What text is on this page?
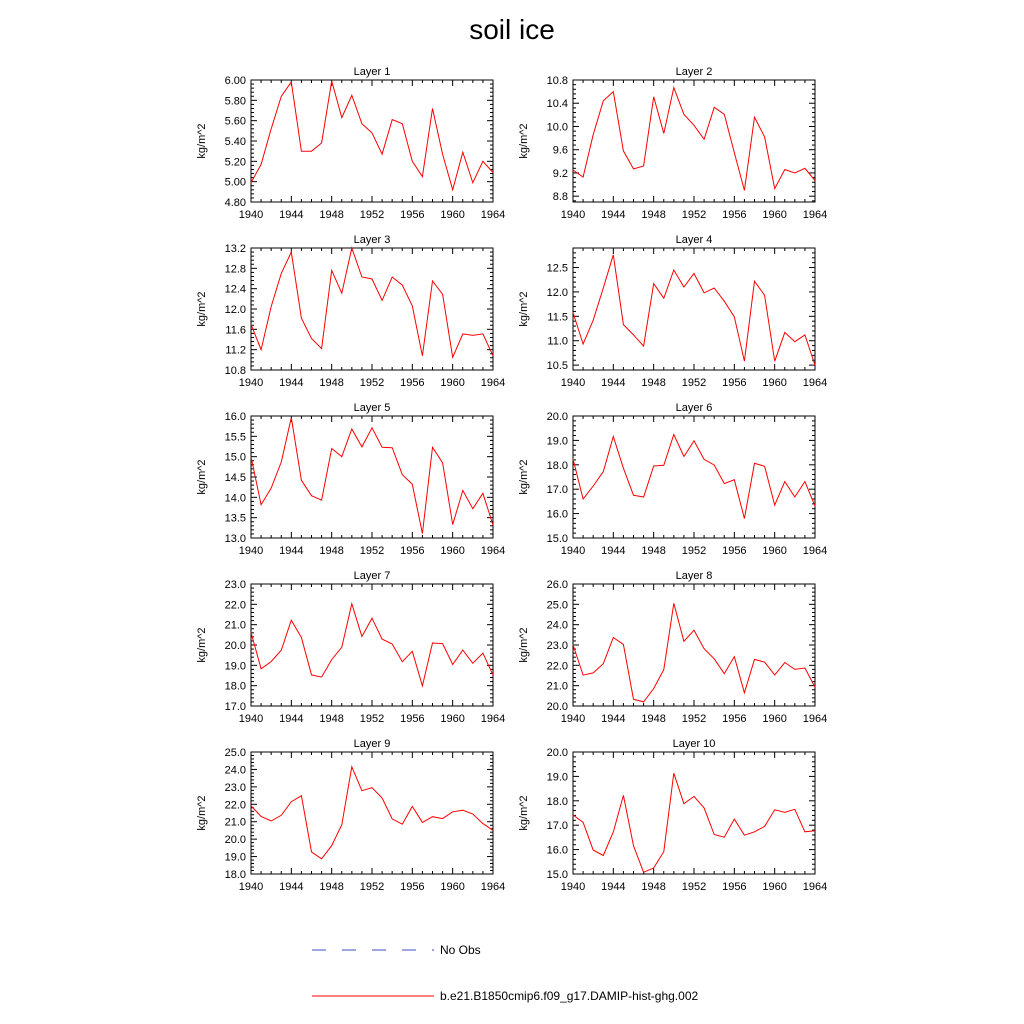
soil ice
Layer 1
1940 1944 1948 1952 1956 1960 1964
4.80
5.00
5.20
5.40
5.60
5.80
6.00
kg/m^2
Layer 2
1940 1944 1948 1952 1956 1960 1964
8.8
9.2
9.6
10.0
10.4
10.8
kg/m^2
Layer 3
1940 1944 1948 1952 1956 1960 1964
10.8
11.2
11.6
12.0
12.4
12.8
13.2
kg/m^2
Layer 4
1940 1944 1948 1952 1956 1960 1964
10.5
11.0
11.5
12.0
12.5
kg/m^2
Layer 5
1940 1944 1948 1952 1956 1960 1964
13.0
13.5
14.0
14.5
15.0
15.5
16.0
kg/m^2
Layer 6
1940 1944 1948 1952 1956 1960 1964
15.0
16.0
17.0
18.0
19.0
20.0
kg/m^2
Layer 7
1940 1944 1948 1952 1956 1960 1964
17.0
18.0
19.0
20.0
21.0
22.0
23.0
kg/m^2
Layer 8
1940 1944 1948 1952 1956 1960 1964
20.0
21.0
22.0
23.0
24.0
25.0
26.0
kg/m^2
Layer 9
1940 1944 1948 1952 1956 1960 1964
18.0
19.0
20.0
21.0
22.0
23.0
24.0
25.0
kg/m^2
Layer 10
1940 1944 1948 1952 1956 1960 1964
15.0
16.0
17.0
18.0
19.0
20.0
kg/m^2
No Obs
b.e21.B1850cmip6.f09_g17.DAMIP-hist-ghg.002
